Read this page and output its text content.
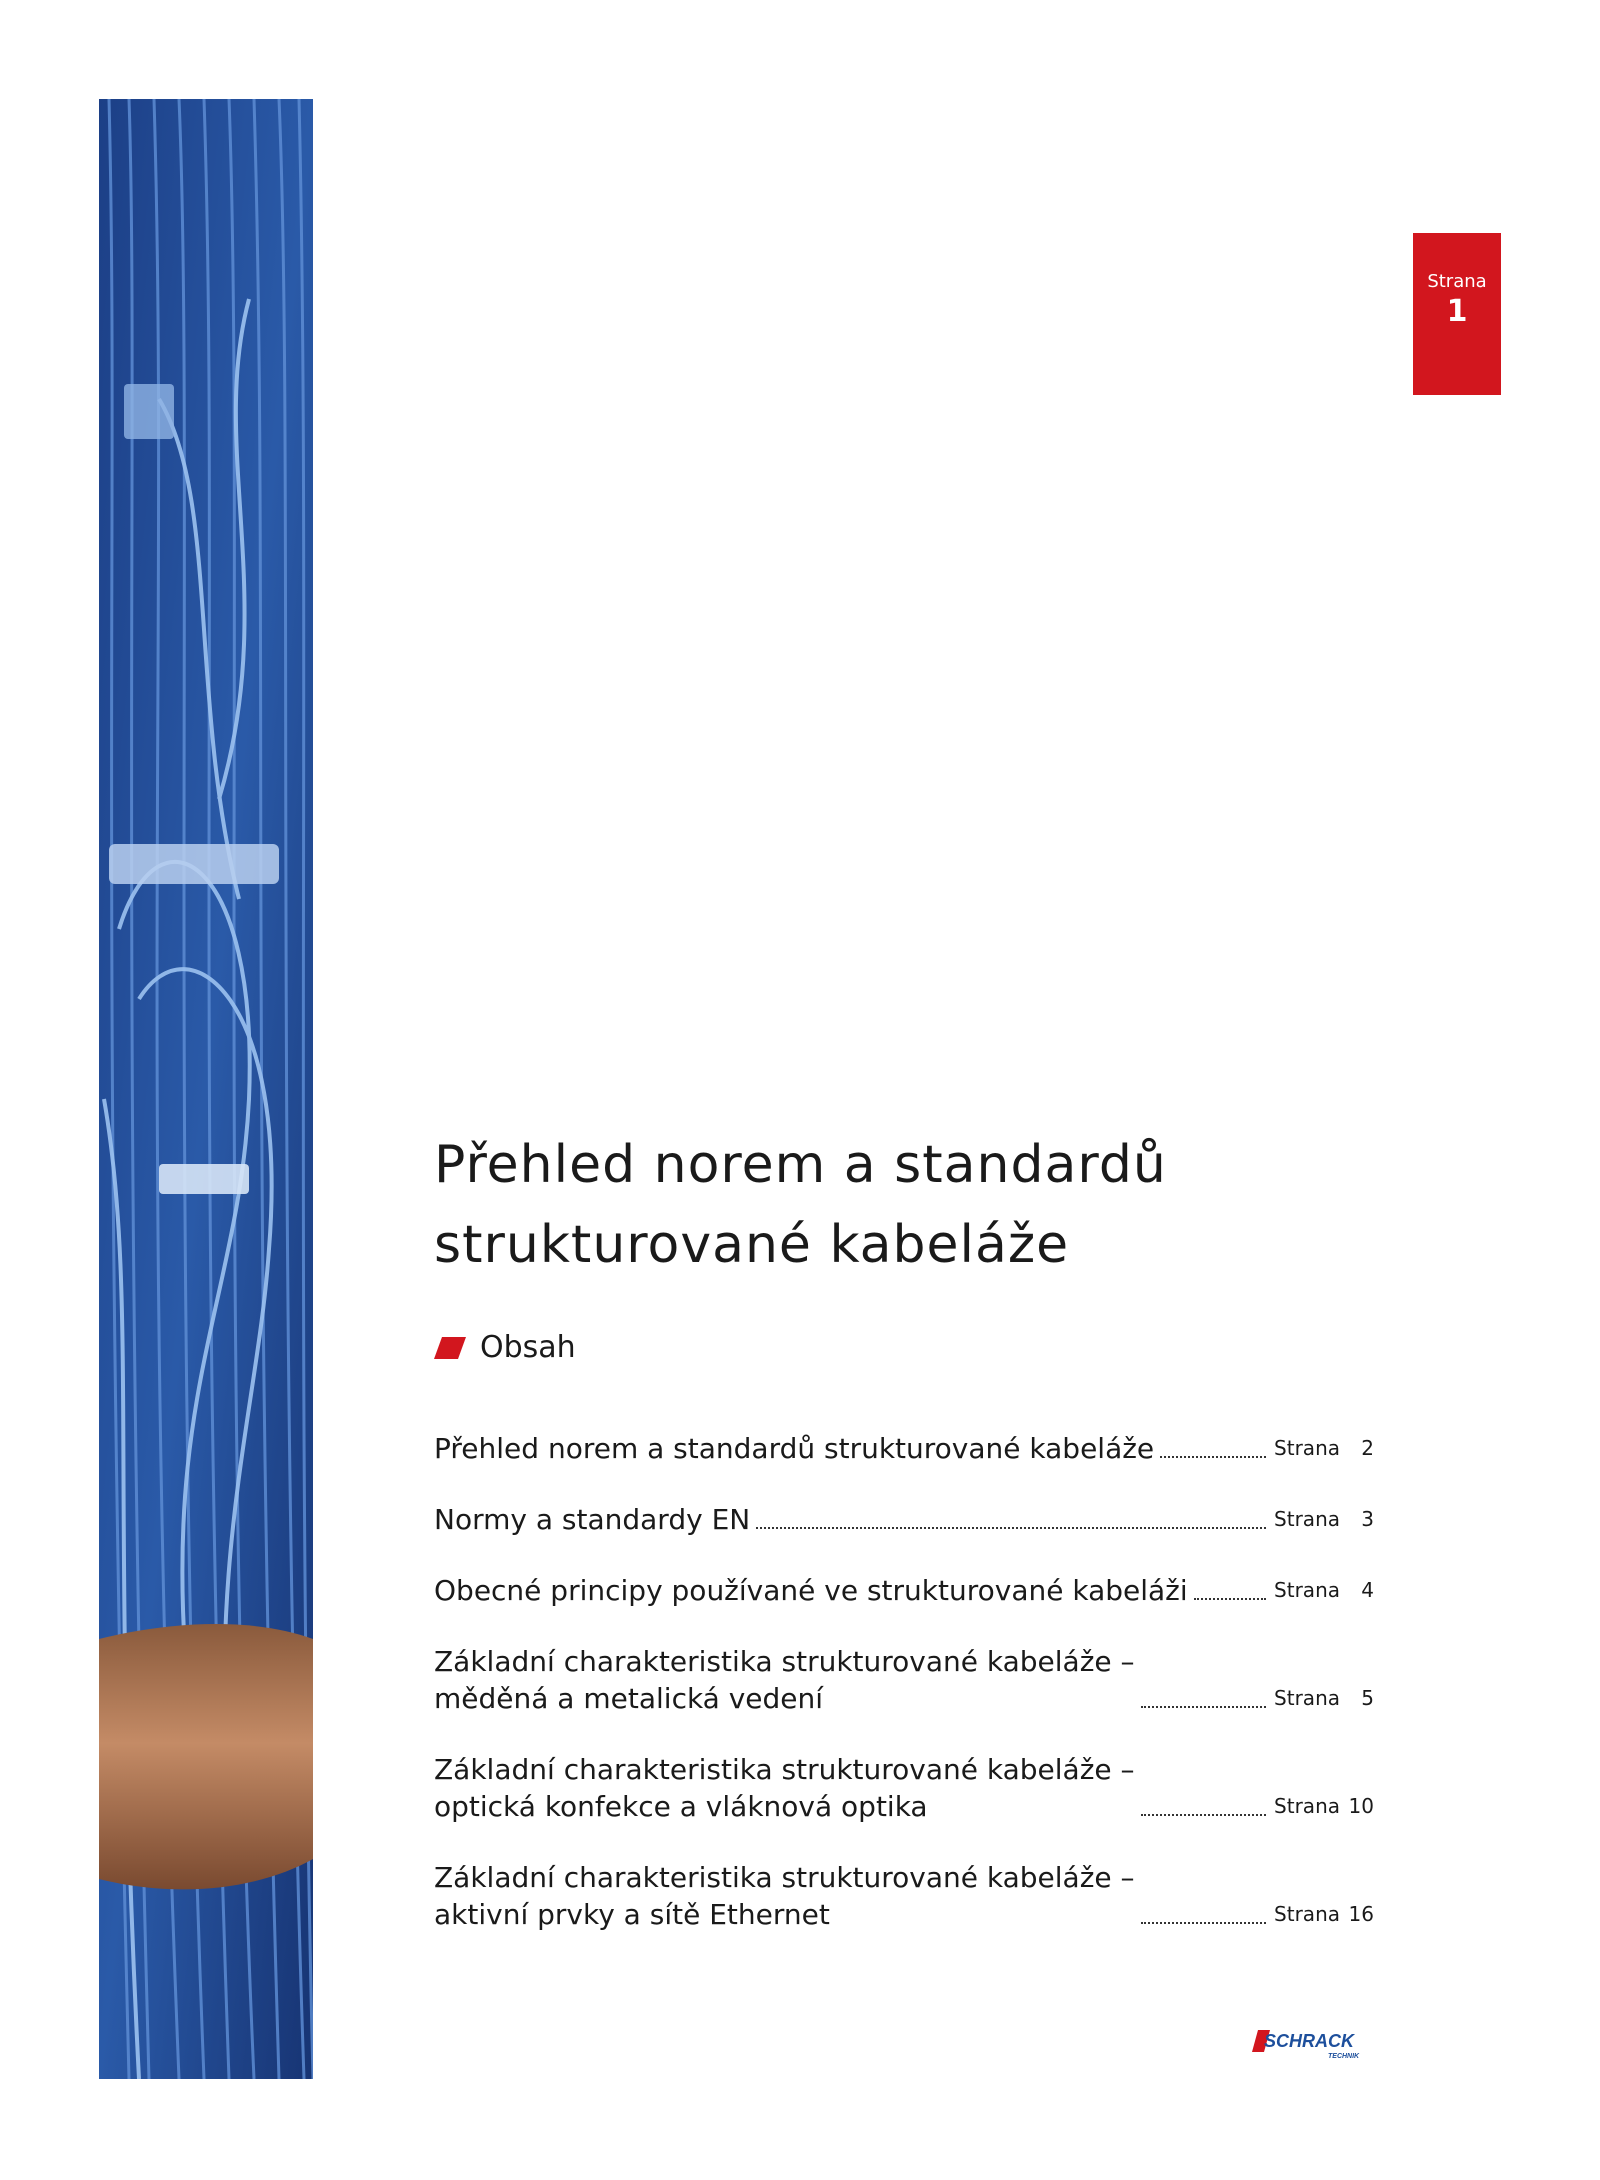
Strana
1
Přehled norem a standardů
strukturované kabeláže
Obsah
Přehled norem a standardů strukturované kabeláže	Strana 2
Normy a standardy EN	Strana 3
Obecné principy používané ve strukturované kabeláži	Strana 4
Základní charakteristika strukturované kabeláže –
měděná a metalická vedení	Strana 5
Základní charakteristika strukturované kabeláže –
optická konfekce a vláknová optika	Strana 10
Základní charakteristika strukturované kabeláže –
aktivní prvky a sítě Ethernet	Strana 16
SCHRACK
TECHNIK
